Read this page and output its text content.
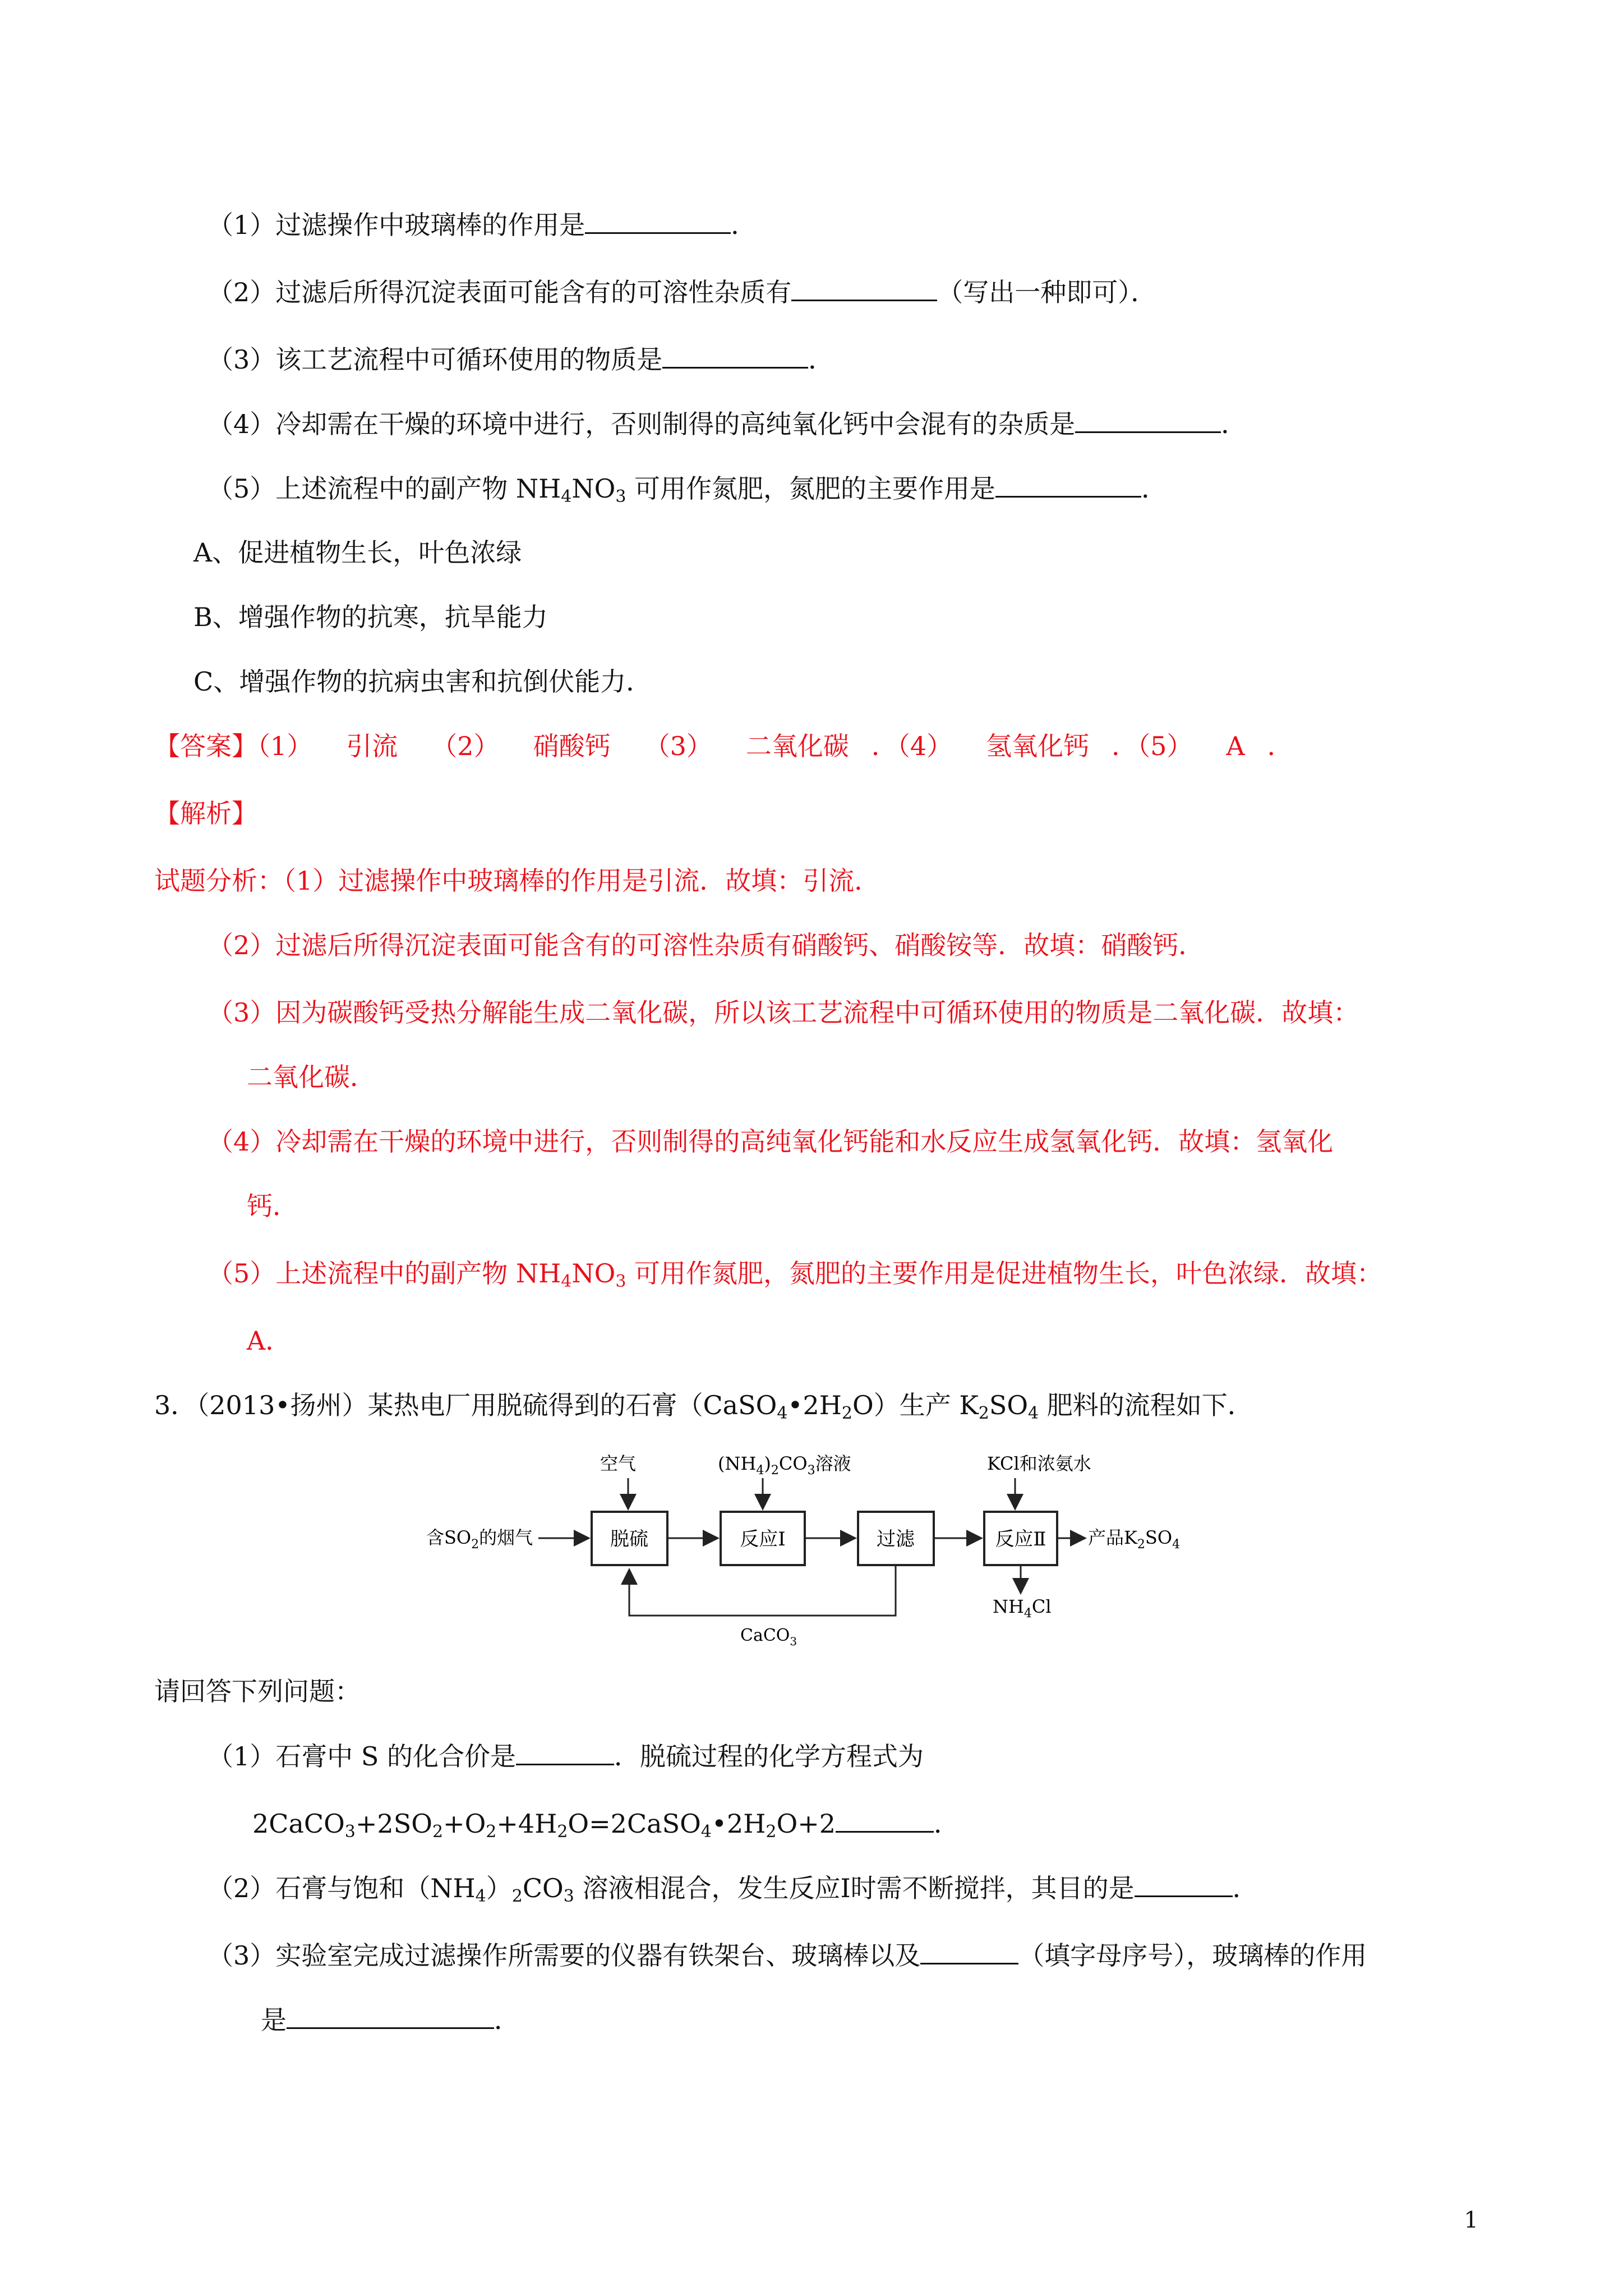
（1）过滤操作中玻璃棒的作用是	．
（2）过滤后所得沉淀表面可能含有的可溶性杂质有	（写出一种即可）．
（3）该工艺流程中可循环使用的物质是	．
（4）冷却需在干燥的环境中进行，否则制得的高纯氧化钙中会混有的杂质是	．
（5）上述流程中的副产物 $NH_4NO_3$ 可用作氮肥，氮肥的主要作用是	．
A、促进植物生长，叶色浓绿
B、增强作物的抗寒，抗旱能力
C、增强作物的抗病虫害和抗倒伏能力．
【答案】（1） 引流 （2） 硝酸钙 （3） 二氧化碳 ．（4） 氢氧化钙 ．（5） A ．
【解析】
试题分析：（1）过滤操作中玻璃棒的作用是引流．故填：引流．
（2）过滤后所得沉淀表面可能含有的可溶性杂质有硝酸钙、硝酸铵等．故填：硝酸钙．
（3）因为碳酸钙受热分解能生成二氧化碳，所以该工艺流程中可循环使用的物质是二氧化碳．故填：
二氧化碳．
（4）冷却需在干燥的环境中进行，否则制得的高纯氧化钙能和水反应生成氢氧化钙．故填：氢氧化
钙．
（5）上述流程中的副产物 $NH_4NO_3$ 可用作氮肥，氮肥的主要作用是促进植物生长，叶色浓绿．故填：
A．
3．（2013•扬州）某热电厂用脱硫得到的石膏$(CaSO_4•2H_2O)$生产 $K_2SO_4$ 肥料的流程如下．
空气	$(NH_4)_2CO_3$溶液	KCl和浓氨水
含$SO_2$的烟气	脱硫	反应Ⅰ	过滤	反应Ⅱ 产品$K_2SO_4$
$NH_4Cl$
CaCO$_3$
请回答下列问题：
（1）石膏中 S 的化合价是	．脱硫过程的化学方程式为
$2CaCO_3+2SO_2+O_2+4H_2O=2CaSO_4•2H_2O+2$	．
（2）石膏与饱和$(NH_4)_2CO_3$ 溶液相混合，发生反应Ⅰ时需不断搅拌，其目的是	．
（3）实验室完成过滤操作所需要的仪器有铁架台、玻璃棒以及	（填字母序号），玻璃棒的作用
是	．
1
